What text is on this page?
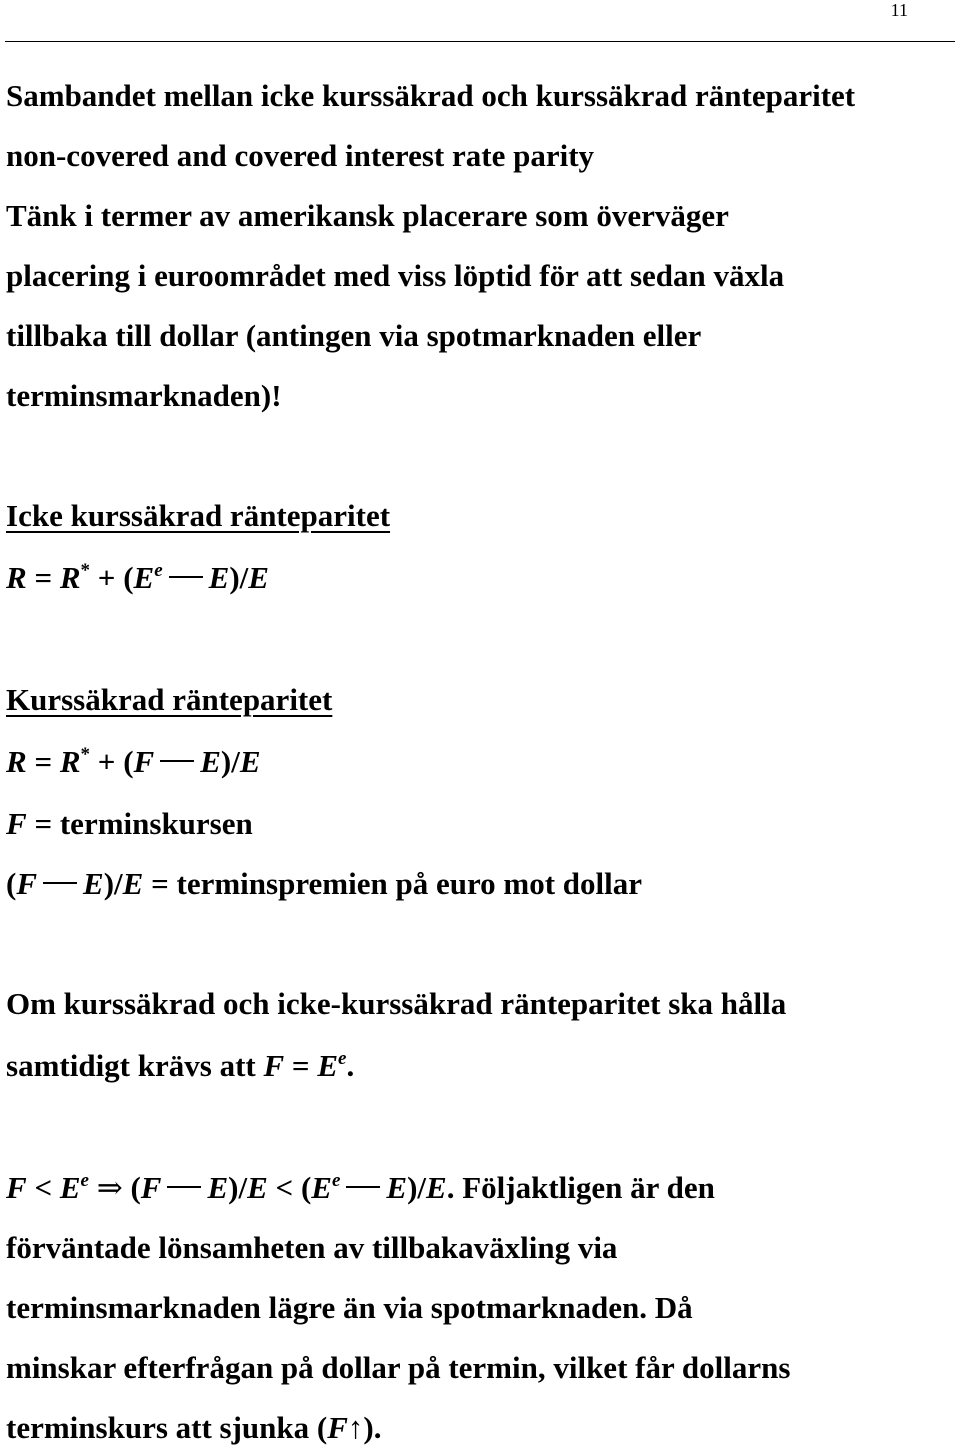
11
Sambandet mellan icke kurssäkrad och kurssäkrad ränteparitet
non-covered and covered interest rate parity
Tänk i termer av amerikansk placerare som överväger
placering i euroområdet med viss löptid för att sedan växla
tillbaka till dollar (antingen via spotmarknaden eller
terminsmarknaden)!
Icke kurssäkrad ränteparitet
$R = R^* + (E^e$ E)/E
Kurssäkrad ränteparitet
R = R* + (F E)/E
F = terminskursen
(F E)/E = terminspremien på euro mot dollar
Om kurssäkrad och icke-kurssäkrad ränteparitet ska hålla
samtidigt krävs att $F = E^e$.
$F < E^e$ ⇒ (F $E)/E < (E^e$ E)/E. Följaktligen är den
förväntade lönsamheten av tillbakaväxling via
terminsmarknaden lägre än via spotmarknaden. Då
minskar efterfrågan på dollar på termin, vilket får dollarns
terminskurs att sjunka (F↑).
